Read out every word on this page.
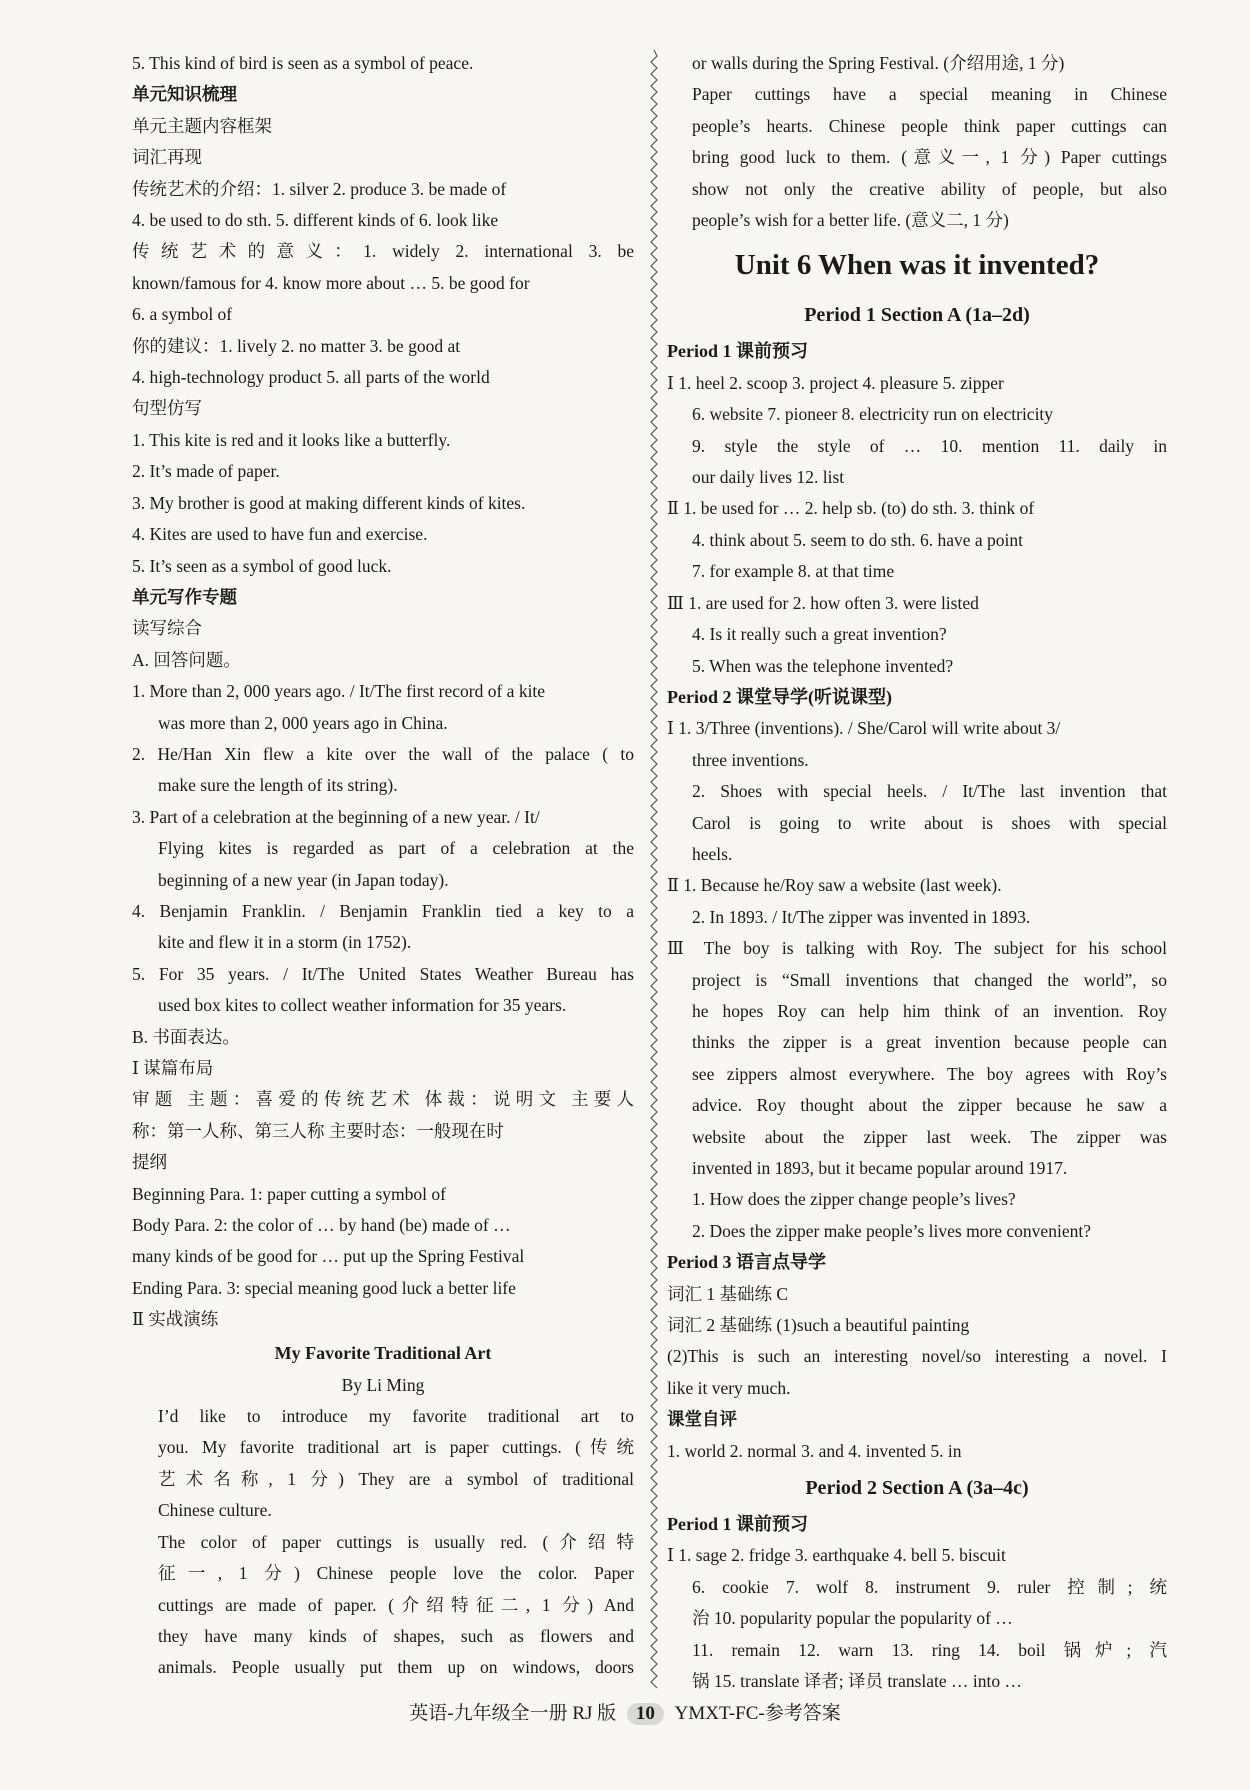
5. This kind of bird is seen as a symbol of peace.
单元知识梳理
单元主题内容框架
词汇再现
传统艺术的介绍：1. silver 2. produce 3. be made of
4. be used to do sth. 5. different kinds of 6. look like
传统艺术的意义：1. widely 2. international 3. be
known/famous for 4. know more about … 5. be good for
6. a symbol of
你的建议：1. lively 2. no matter 3. be good at
4. high-technology product 5. all parts of the world
句型仿写
1. This kite is red and it looks like a butterfly.
2. It’s made of paper.
3. My brother is good at making different kinds of kites.
4. Kites are used to have fun and exercise.
5. It’s seen as a symbol of good luck.
单元写作专题
读写综合
A. 回答问题。
1. More than 2, 000 years ago. / It/The first record of a kite
was more than 2, 000 years ago in China.
2. He/Han Xin flew a kite over the wall of the palace ( to
make sure the length of its string).
3. Part of a celebration at the beginning of a new year. / It/
Flying kites is regarded as part of a celebration at the
beginning of a new year (in Japan today).
4. Benjamin Franklin. / Benjamin Franklin tied a key to a
kite and flew it in a storm (in 1752).
5. For 35 years. / It/The United States Weather Bureau has
used box kites to collect weather information for 35 years.
B. 书面表达。
Ⅰ 谋篇布局
审题 主题：喜爱的传统艺术 体裁：说明文 主要人
称：第一人称、第三人称 主要时态：一般现在时
提纲
Beginning Para. 1: paper cutting a symbol of
Body Para. 2: the color of … by hand (be) made of …
many kinds of be good for … put up the Spring Festival
Ending Para. 3: special meaning good luck a better life
Ⅱ 实战演练
My Favorite Traditional Art
By Li Ming
I’d like to introduce my favorite traditional art to
you. My favorite traditional art is paper cuttings. (传统
艺术名称, 1 分) They are a symbol of traditional
Chinese culture.
The color of paper cuttings is usually red. (介绍特
征一, 1 分) Chinese people love the color. Paper
cuttings are made of paper. (介绍特征二, 1 分) And
they have many kinds of shapes, such as flowers and
animals. People usually put them up on windows, doors
or walls during the Spring Festival. (介绍用途, 1 分)
Paper cuttings have a special meaning in Chinese
people’s hearts. Chinese people think paper cuttings can
bring good luck to them. (意义一, 1 分) Paper cuttings
show not only the creative ability of people, but also
people’s wish for a better life. (意义二, 1 分)
Unit 6 When was it invented?
Period 1 Section A (1a–2d)
Period 1 课前预习
Ⅰ 1. heel 2. scoop 3. project 4. pleasure 5. zipper
6. website 7. pioneer 8. electricity run on electricity
9. style the style of … 10. mention 11. daily in
our daily lives 12. list
Ⅱ 1. be used for … 2. help sb. (to) do sth. 3. think of
4. think about 5. seem to do sth. 6. have a point
7. for example 8. at that time
Ⅲ 1. are used for 2. how often 3. were listed
4. Is it really such a great invention?
5. When was the telephone invented?
Period 2 课堂导学(听说课型)
Ⅰ 1. 3/Three (inventions). / She/Carol will write about 3/
three inventions.
2. Shoes with special heels. / It/The last invention that
Carol is going to write about is shoes with special
heels.
Ⅱ 1. Because he/Roy saw a website (last week).
2. In 1893. / It/The zipper was invented in 1893.
Ⅲ The boy is talking with Roy. The subject for his school
project is “Small inventions that changed the world”, so
he hopes Roy can help him think of an invention. Roy
thinks the zipper is a great invention because people can
see zippers almost everywhere. The boy agrees with Roy’s
advice. Roy thought about the zipper because he saw a
website about the zipper last week. The zipper was
invented in 1893, but it became popular around 1917.
1. How does the zipper change people’s lives?
2. Does the zipper make people’s lives more convenient?
Period 3 语言点导学
词汇 1 基础练 C
词汇 2 基础练 (1)such a beautiful painting
(2)This is such an interesting novel/so interesting a novel. I
like it very much.
课堂自评
1. world 2. normal 3. and 4. invented 5. in
Period 2 Section A (3a–4c)
Period 1 课前预习
Ⅰ 1. sage 2. fridge 3. earthquake 4. bell 5. biscuit
6. cookie 7. wolf 8. instrument 9. ruler 控制; 统
治 10. popularity popular the popularity of …
11. remain 12. warn 13. ring 14. boil 锅炉; 汽
锅 15. translate 译者; 译员 translate … into …
英语-九年级全一册 RJ 版 10 YMXT-FC-参考答案
